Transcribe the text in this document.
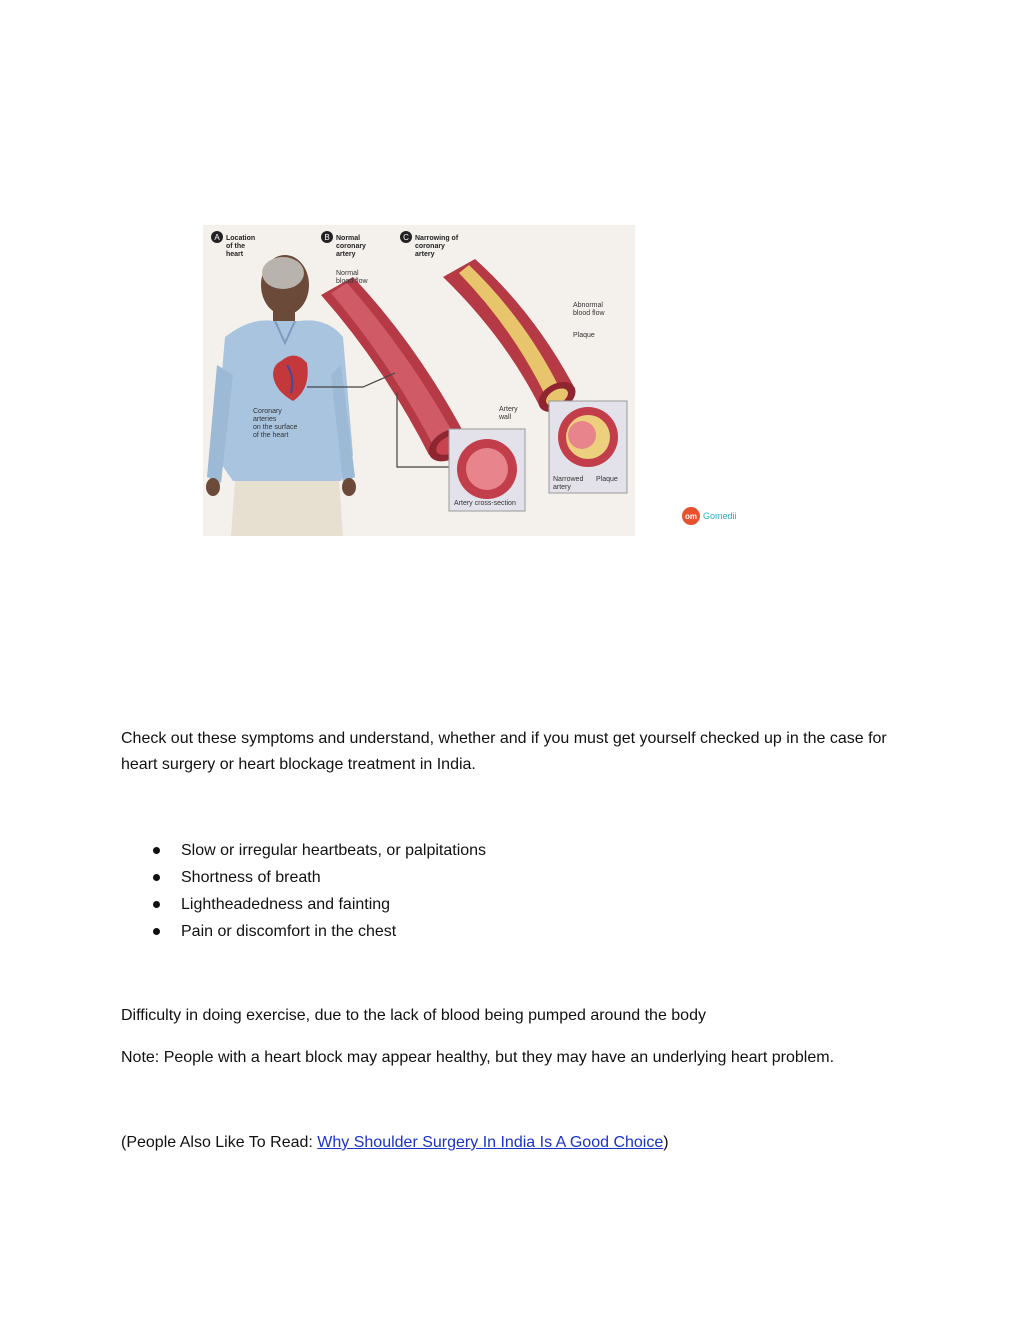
A	B	C
Location
of the
heart
Normal
coronary
artery
Narrowing of
coronary
artery
Normal
blood flow
Abnormal
blood flow
Plaque
Artery
wall
Coronary
arteries
on the surface
of the heart
Artery cross-section
Narrowed
artery
Plaque
om Gomedii

Check out these symptoms and understand, whether and if you must get yourself checked up in the case for heart surgery or heart blockage treatment in India.

Slow or irregular heartbeats, or palpitations
Shortness of breath
Lightheadedness and fainting
Pain or discomfort in the chest

Difficulty in doing exercise, due to the lack of blood being pumped around the body

Note: People with a heart block may appear healthy, but they may have an underlying heart problem.

(People Also Like To Read: Why Shoulder Surgery In India Is A Good Choice)
